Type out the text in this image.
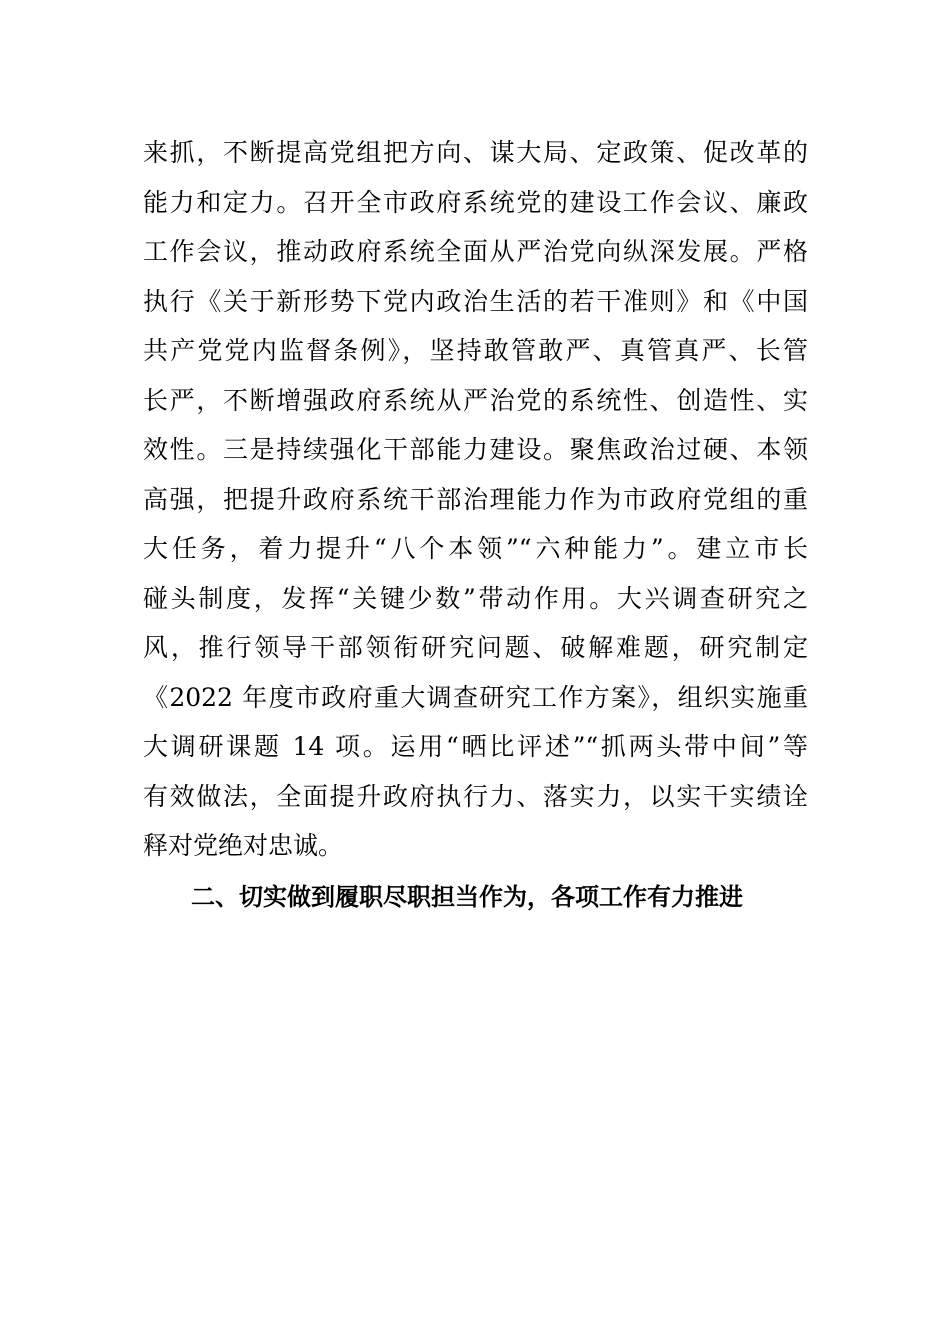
来抓，不断提高党组把方向、谋大局、定政策、促改革的
能力和定力。召开全市政府系统党的建设工作会议、廉政
工作会议，推动政府系统全面从严治党向纵深发展。严格
执行《关于新形势下党内政治生活的若干准则》和《中国
共产党党内监督条例》，坚持敢管敢严、真管真严、长管
长严，不断增强政府系统从严治党的系统性、创造性、实
效性。三是持续强化干部能力建设。聚焦政治过硬、本领
高强，把提升政府系统干部治理能力作为市政府党组的重
大任务，着力提升“八个本领”“六种能力”。建立市长
碰头制度，发挥“关键少数”带动作用。大兴调查研究之
风，推行领导干部领衔研究问题、破解难题，研究制定
《2022 年度市政府重大调查研究工作方案》，组织实施重
大调研课题 14 项。运用“晒比评述”“抓两头带中间”等
有效做法，全面提升政府执行力、落实力，以实干实绩诠
释对党绝对忠诚。
二、切实做到履职尽职担当作为，各项工作有力推进
